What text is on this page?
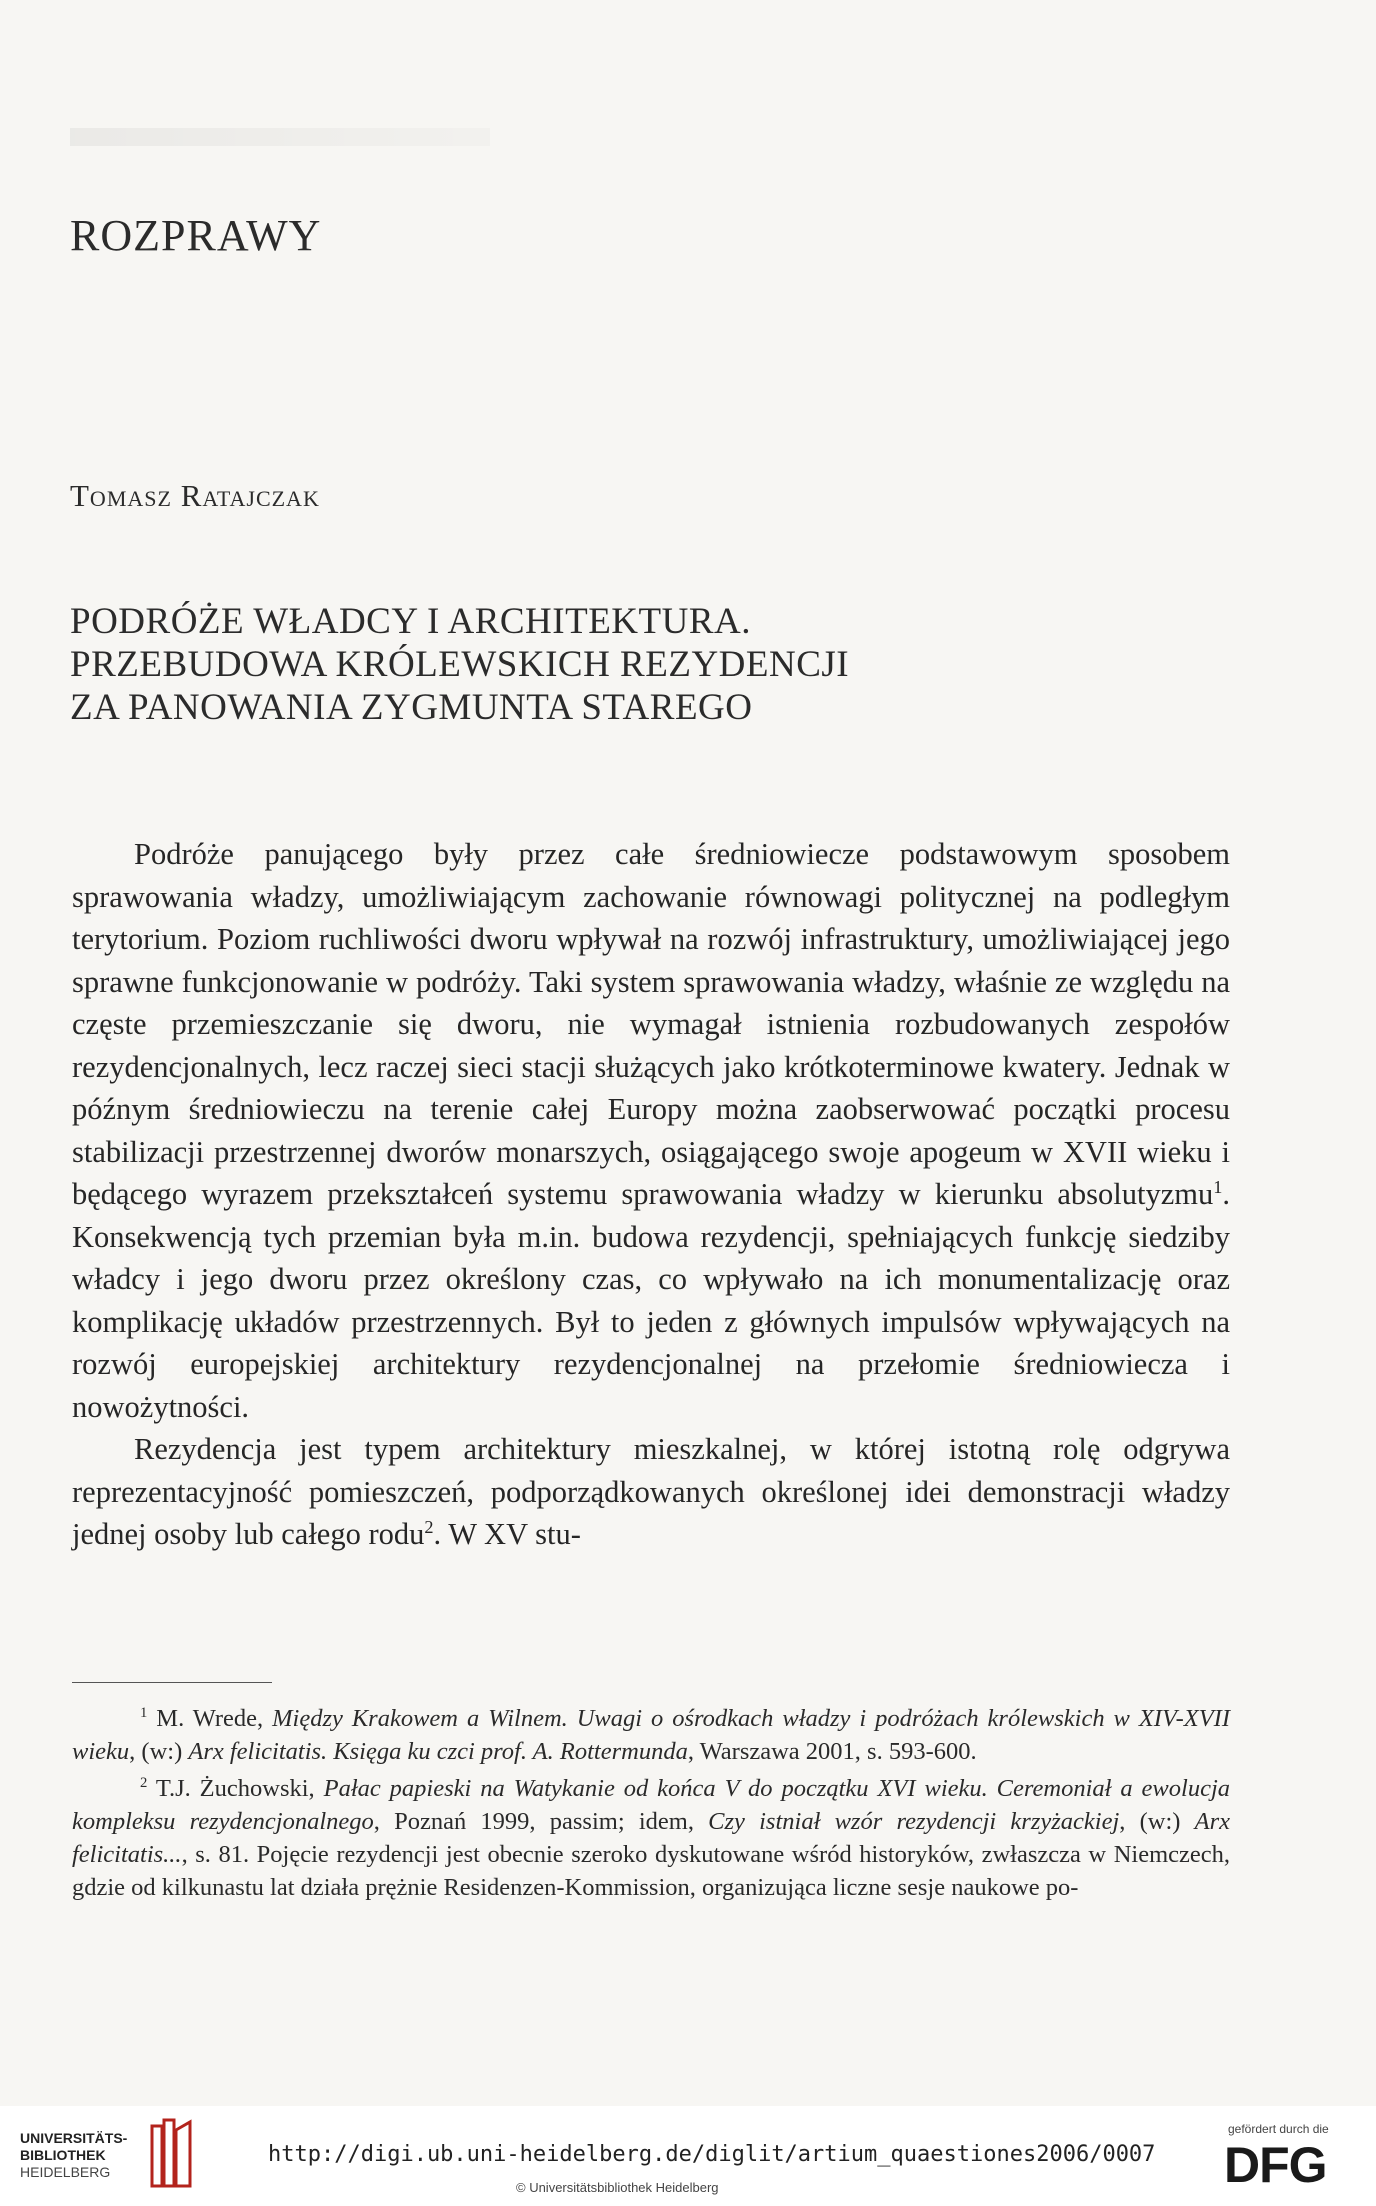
ROZPRAWY
Tomasz Ratajczak
PODRÓŻE WŁADCY I ARCHITEKTURA.
PRZEBUDOWA KRÓLEWSKICH REZYDENCJI
ZA PANOWANIA ZYGMUNTA STAREGO

Podróże panującego były przez całe średniowiecze podstawowym sposobem sprawowania władzy, umożliwiającym zachowanie równowagi politycznej na podległym terytorium. Poziom ruchliwości dworu wpływał na rozwój infrastruktury, umożliwiającej jego sprawne funkcjonowanie w podróży. Taki system sprawowania władzy, właśnie ze względu na częste przemieszczanie się dworu, nie wymagał istnienia rozbudowanych zespołów rezydencjonalnych, lecz raczej sieci stacji służących jako krótkoterminowe kwatery. Jednak w późnym średniowieczu na terenie całej Europy można zaobserwować początki procesu stabilizacji przestrzennej dworów monarszych, osiągającego swoje apogeum w XVII wieku i będącego wyrazem przekształceń systemu sprawowania władzy w kierunku absolutyzmu$^1$. Konsekwencją tych przemian była m.in. budowa rezydencji, spełniających funkcję siedziby władcy i jego dworu przez określony czas, co wpływało na ich monumentalizację oraz komplikację układów przestrzennych. Był to jeden z głównych impulsów wpływających na rozwój europejskiej architektury rezydencjonalnej na przełomie średniowiecza i nowożytności.

Rezydencja jest typem architektury mieszkalnej, w której istotną rolę odgrywa reprezentacyjność pomieszczeń, podporządkowanych określonej idei demonstracji władzy jednej osoby lub całego rodu$^2$. W XV stu-

$^1$ M. Wrede, Między Krakowem a Wilnem. Uwagi o ośrodkach władzy i podróżach królewskich w XIV-XVII wieku, (w:) Arx felicitatis. Księga ku czci prof. A. Rottermunda, Warszawa 2001, s. 593-600.

$^2$ T.J. Żuchowski, Pałac papieski na Watykanie od końca V do początku XVI wieku. Ceremoniał a ewolucja kompleksu rezydencjonalnego, Poznań 1999, passim; idem, Czy istniał wzór rezydencji krzyżackiej, (w:) Arx felicitatis..., s. 81. Pojęcie rezydencji jest obecnie szeroko dyskutowane wśród historyków, zwłaszcza w Niemczech, gdzie od kilkunastu lat działa prężnie Residenzen-Kommission, organizująca liczne sesje naukowe po-

UNIVERSITÄTS-
BIBLIOTHEK
HEIDELBERG
http://digi.ub.uni-heidelberg.de/diglit/artium_quaestiones2006/0007
© Universitätsbibliothek Heidelberg
gefördert durch die
DFG
